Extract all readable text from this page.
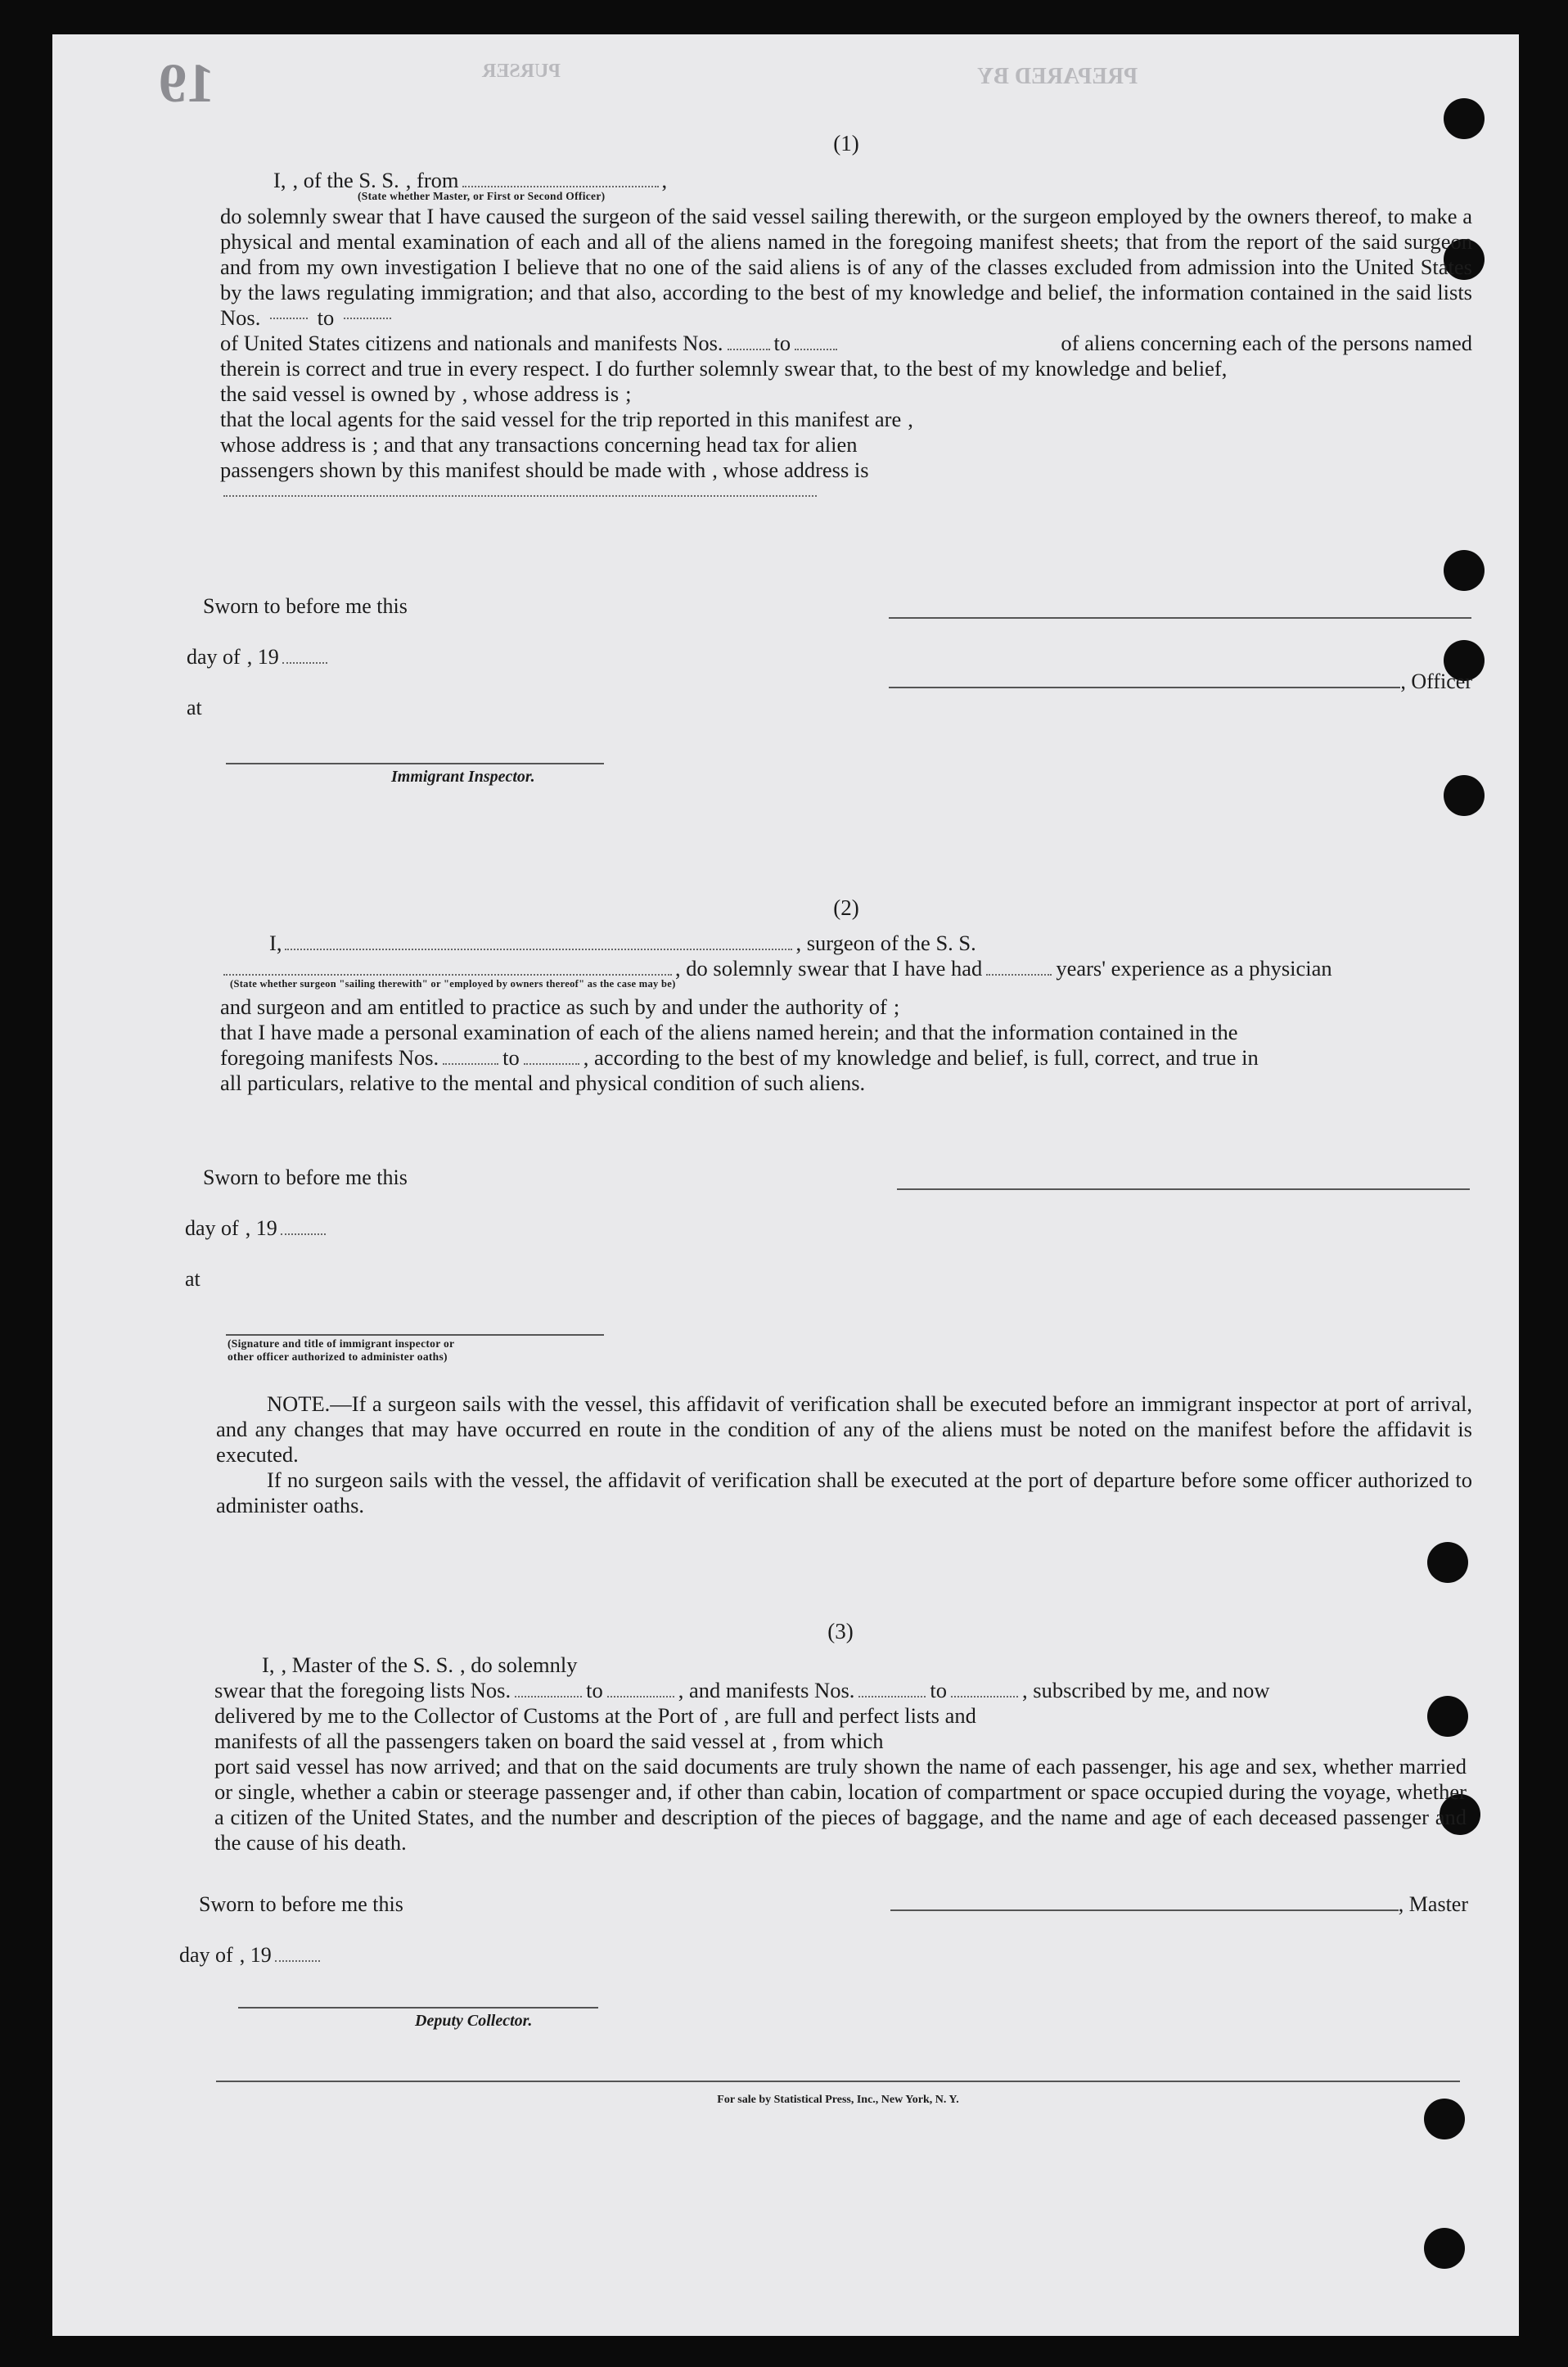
19	PURSER	PREPARED BY
(1)
I, , of the S. S. , from	,
(State whether Master, or First or Second Officer)
do solemnly swear that I have caused the surgeon of the said vessel sailing therewith, or the surgeon employed by the owners thereof, to make a physical and mental examination of each and all of the aliens named in the foregoing manifest sheets; that from the report of the said surgeon and from my own investigation I believe that no one of the said aliens is of any of the classes excluded from admission into the United States by the laws regulating immigration; and that also, according to the best of my knowledge and belief, the information contained in the said lists Nos.	to
of United States citizens and nationals and manifests Nos. to	of aliens concerning each of the persons named
therein is correct and true in every respect. I do further solemnly swear that, to the best of my knowledge and belief,
the said vessel is owned by , whose address is ;
that the local agents for the said vessel for the trip reported in this manifest are ,
whose address is ; and that any transactions concerning head tax for alien
passengers shown by this manifest should be made with , whose address is
Sworn to before me this
day of , 19
at
Immigrant Inspector.
, Officer
(2)
I,	, surgeon of the S. S.
, do solemnly swear that I have had	years' experience as a physician
(State whether surgeon "sailing therewith" or "employed by owners thereof" as the case may be)
and surgeon and am entitled to practice as such by and under the authority of ;
that I have made a personal examination of each of the aliens named herein; and that the information contained in the
foregoing manifests Nos.	to	, according to the best of my knowledge and belief, is full, correct, and true in
all particulars, relative to the mental and physical condition of such aliens.
Sworn to before me this
day of , 19
at
(Signature and title of immigrant inspector or
other officer authorized to administer oaths)
NOTE.—If a surgeon sails with the vessel, this affidavit of verification shall be executed before an immigrant inspector at port of arrival, and any changes that may have occurred en route in the condition of any of the aliens must be noted on the manifest before the affidavit is executed.
If no surgeon sails with the vessel, the affidavit of verification shall be executed at the port of departure before some officer authorized to administer oaths.
(3)
I, , Master of the S. S. , do solemnly
swear that the foregoing lists Nos.	to	, and manifests Nos.	to	, subscribed by me, and now
delivered by me to the Collector of Customs at the Port of , are full and perfect lists and
manifests of all the passengers taken on board the said vessel at , from which
port said vessel has now arrived; and that on the said documents are truly shown the name of each passenger, his age and sex, whether married or single, whether a cabin or steerage passenger and, if other than cabin, location of compartment or space occupied during the voyage, whether a citizen of the United States, and the number and description of the pieces of baggage, and the name and age of each deceased passenger and the cause of his death.
Sworn to before me this
day of , 19
Deputy Collector.
, Master
For sale by Statistical Press, Inc., New York, N. Y.
